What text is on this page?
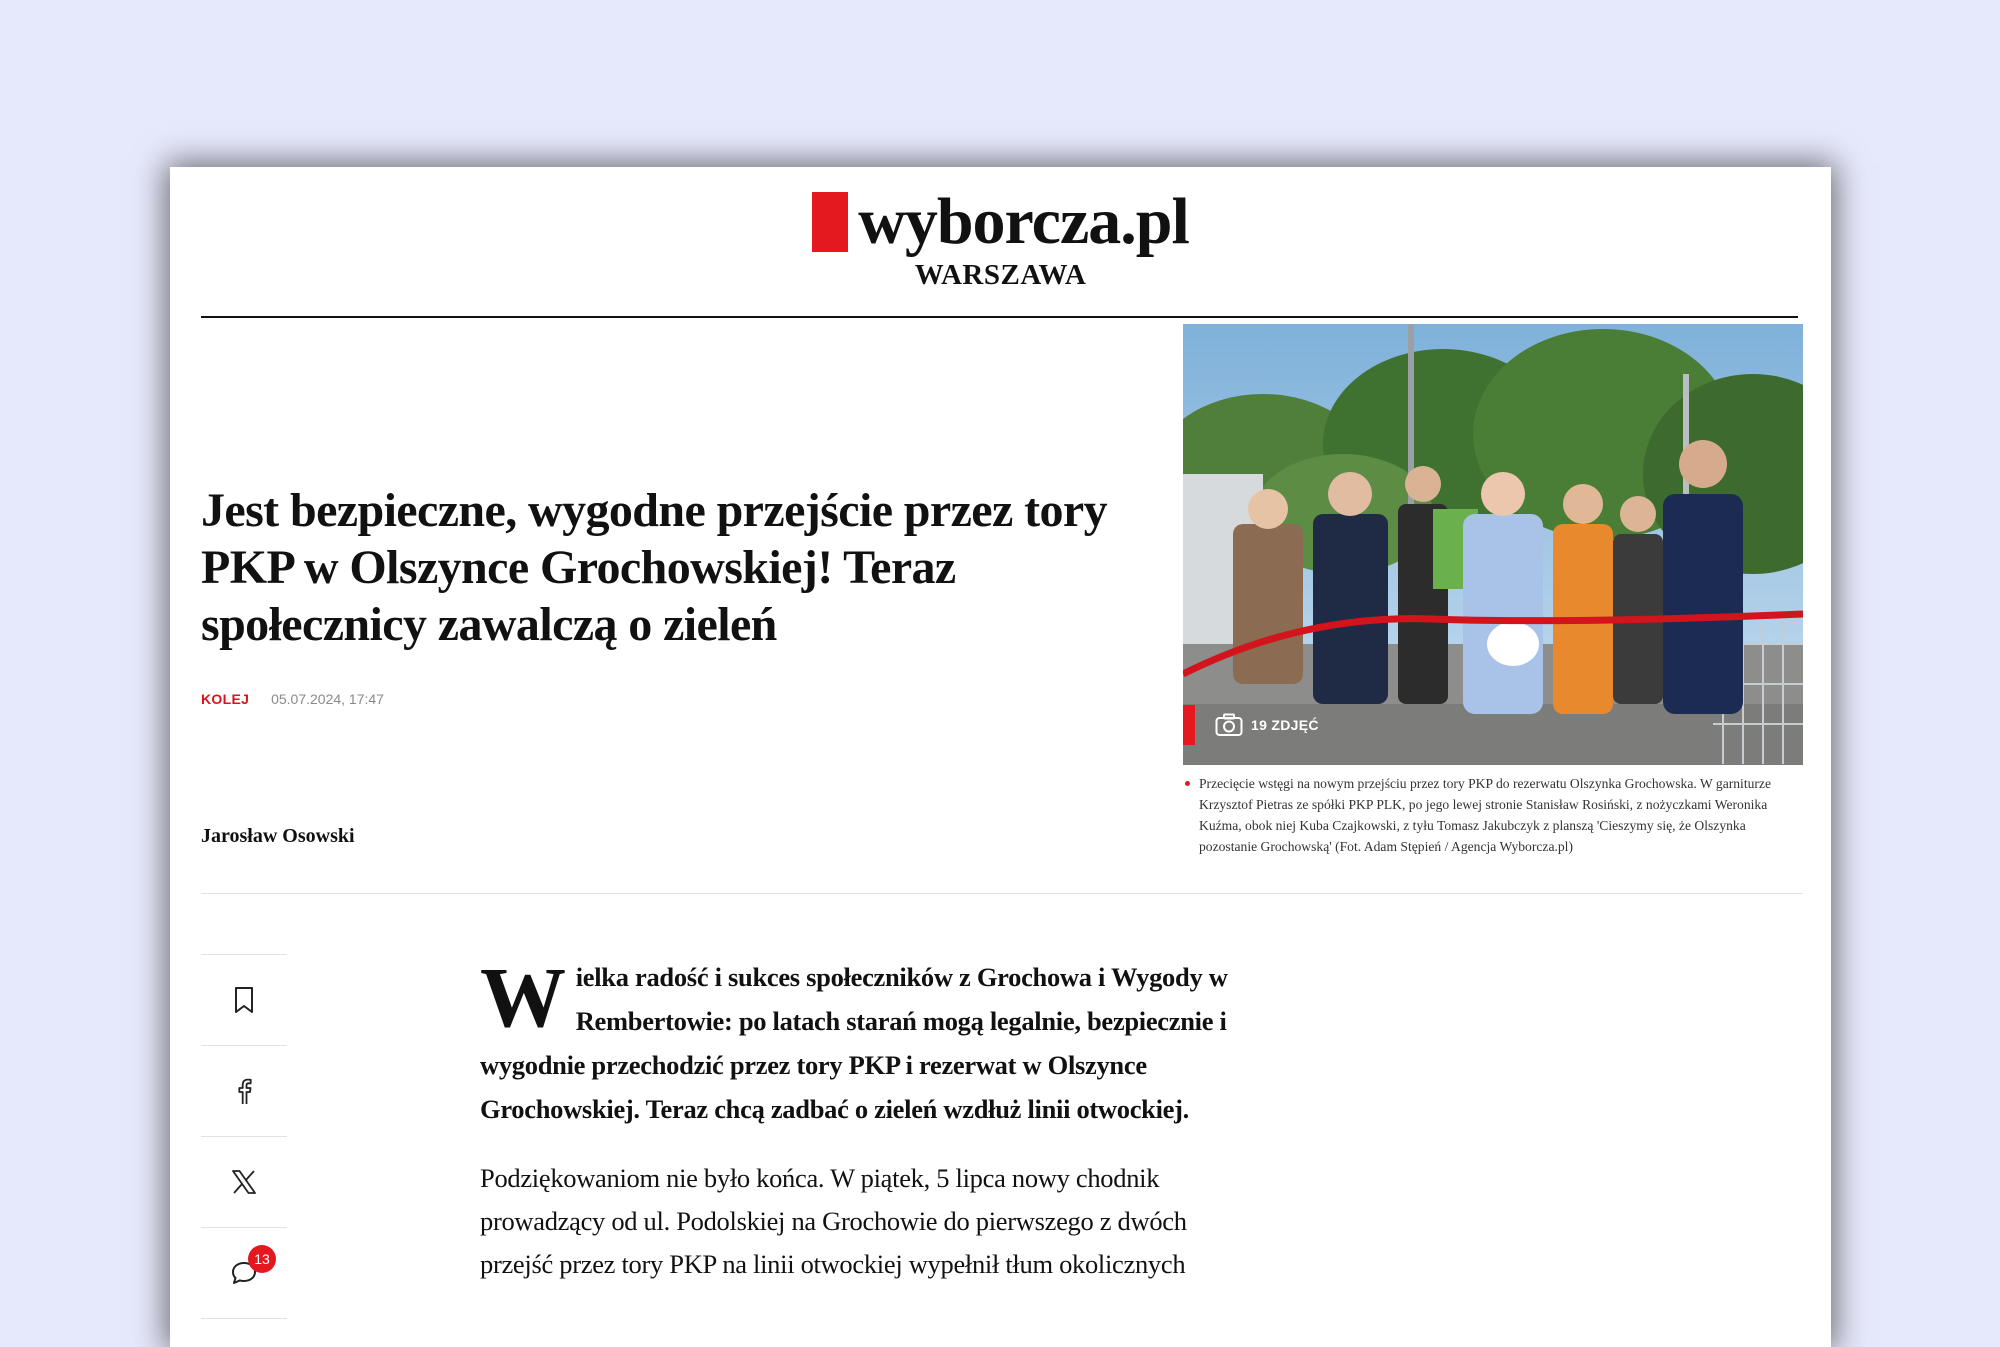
wyborcza.pl
WARSZAWA
Jest bezpieczne, wygodne przejście przez tory PKP w Olszynce Grochowskiej! Teraz społecznicy zawalczą o zieleń
KOLEJ 05.07.2024, 17:47
Jarosław Osowski
19 ZDJĘĆ
Przecięcie wstęgi na nowym przejściu przez tory PKP do rezerwatu Olszynka Grochowska. W garniturze Krzysztof Pietras ze spółki PKP PLK, po jego lewej stronie Stanisław Rosiński, z nożyczkami Weronika Kuźma, obok niej Kuba Czajkowski, z tyłu Tomasz Jakubczyk z planszą 'Cieszymy się, że Olszynka pozostanie Grochowską' (Fot. Adam Stępień / Agencja Wyborcza.pl)
13

Wielka radość i sukces społeczników z Grochowa i Wygody w Rembertowie: po latach starań mogą legalnie, bezpiecznie i wygodnie przechodzić przez tory PKP i rezerwat w Olszynce Grochowskiej. Teraz chcą zadbać o zieleń wzdłuż linii otwockiej.

Podziękowaniom nie było końca. W piątek, 5 lipca nowy chodnik prowadzący od ul. Podolskiej na Grochowie do pierwszego z dwóch przejść przez tory PKP na linii otwockiej wypełnił tłum okolicznych
